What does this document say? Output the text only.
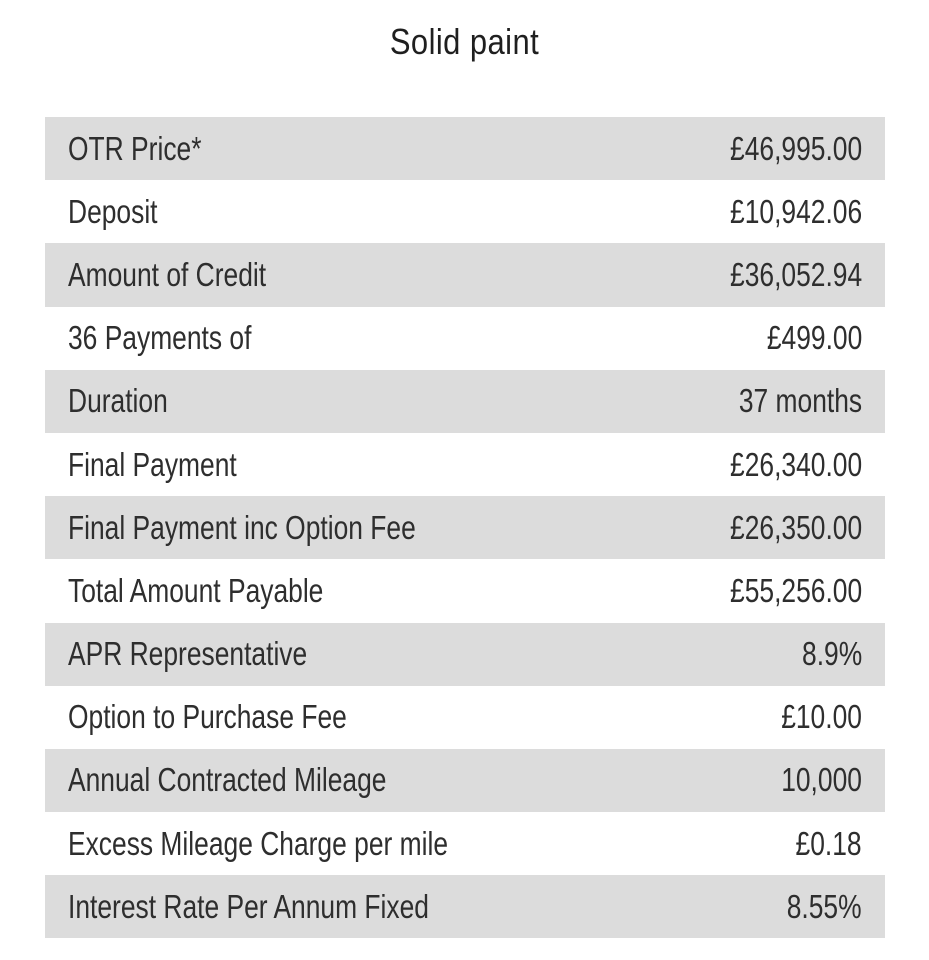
Solid paint
OTR Price*	£46,995.00
Deposit	£10,942.06
Amount of Credit	£36,052.94
36 Payments of	£499.00
Duration	37 months
Final Payment	£26,340.00
Final Payment inc Option Fee	£26,350.00
Total Amount Payable	£55,256.00
APR Representative	8.9%
Option to Purchase Fee	£10.00
Annual Contracted Mileage	10,000
Excess Mileage Charge per mile	£0.18
Interest Rate Per Annum Fixed	8.55%
